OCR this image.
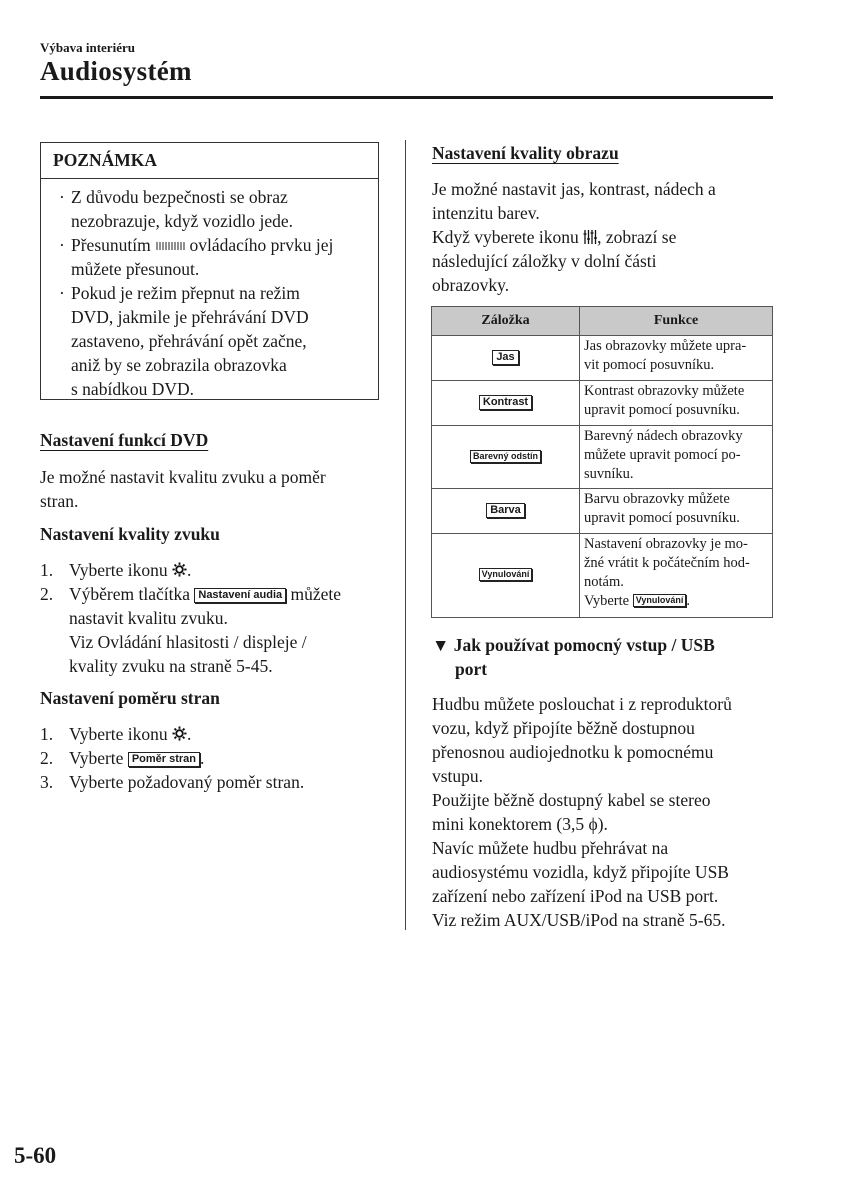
Výbava interiéru
Audiosystém
POZNÁMKA
· Z důvodu bezpečnosti se obraz
nezobrazuje, když vozidlo jede.
· Přesunutím ovládacího prvku jej
můžete přesunout.
· Pokud je režim přepnut na režim
DVD, jakmile je přehrávání DVD
zastaveno, přehrávání opět začne,
aniž by se zobrazila obrazovka
s nabídkou DVD.
Nastavení funkcí DVD
Je možné nastavit kvalitu zvuku a poměr
stran.
Nastavení kvality zvuku
1. Vyberte ikonu .
2. Výběrem tlačítka Nastavení audia můžete
nastavit kvalitu zvuku.
Viz Ovládání hlasitosti / displeje /
kvality zvuku na straně 5-45.
Nastavení poměru stran
1. Vyberte ikonu .
2. Vyberte Poměr stran .
3. Vyberte požadovaný poměr stran.
Nastavení kvality obrazu
Je možné nastavit jas, kontrast, nádech a
intenzitu barev.
Když vyberete ikonu , zobrazí se
následující záložky v dolní části
obrazovky.
Záložka	Funkce
Jas	Jas obrazovky můžete upra-
vit pomocí posuvníku.
Kontrast	Kontrast obrazovky můžete
upravit pomocí posuvníku.
Barevný odstín	Barevný nádech obrazovky
můžete upravit pomocí po-
suvníku.
Barva	Barvu obrazovky můžete
upravit pomocí posuvníku.
Vynulování	Nastavení obrazovky je mo-
žné vrátit k počátečním hod-
notám.
Vyberte Vynulování .
▼ Jak používat pomocný vstup / USB
port
Hudbu můžete poslouchat i z reproduktorů
vozu, když připojíte běžně dostupnou
přenosnou audiojednotku k pomocnému
vstupu.
Použijte běžně dostupný kabel se stereo
mini konektorem (3,5 ϕ).
Navíc můžete hudbu přehrávat na
audiosystému vozidla, když připojíte USB
zařízení nebo zařízení iPod na USB port.
Viz režim AUX/USB/iPod na straně 5-65.
5-60
